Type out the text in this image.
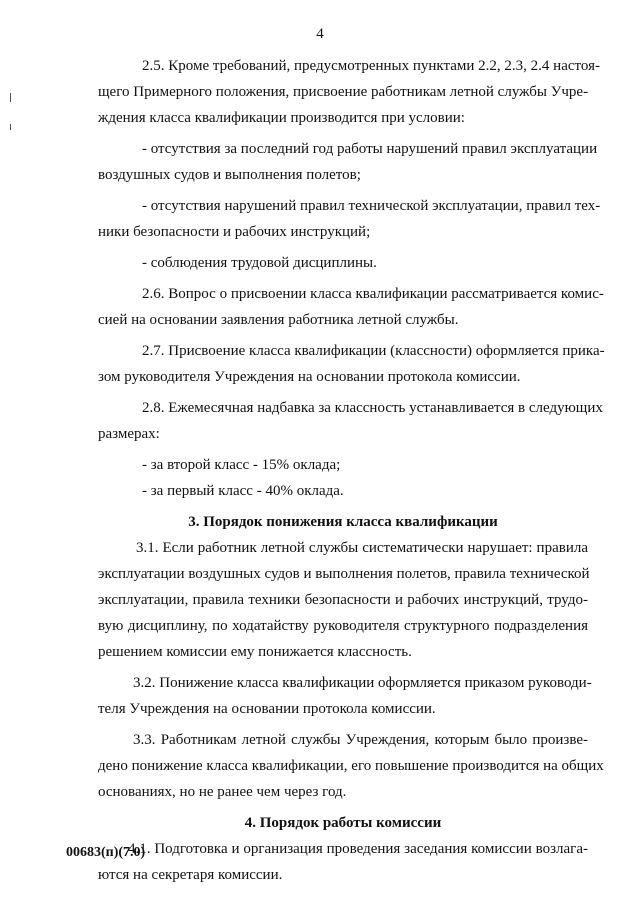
4
2.5. Кроме требований, предусмотренных пунктами 2.2, 2.3, 2.4 настоя-
щего Примерного положения, присвоение работникам летной службы Учре-
ждения класса квалификации производится при условии:
- отсутствия за последний год работы нарушений правил эксплуатации
воздушных судов и выполнения полетов;
- отсутствия нарушений правил технической эксплуатации, правил тех-
ники безопасности и рабочих инструкций;
- соблюдения трудовой дисциплины.
2.6. Вопрос о присвоении класса квалификации рассматривается комис-
сией на основании заявления работника летной службы.
2.7. Присвоение класса квалификации (классности) оформляется прика-
зом руководителя Учреждения на основании протокола комиссии.
2.8. Ежемесячная надбавка за классность устанавливается в следующих
размерах:
- за второй класс - 15% оклада;
- за первый класс - 40% оклада.
3. Порядок понижения класса квалификации
3.1. Если работник летной службы систематически нарушает: правила
эксплуатации воздушных судов и выполнения полетов, правила технической
эксплуатации, правила техники безопасности и рабочих инструкций, трудо-
вую дисциплину, по ходатайству руководителя структурного подразделения
решением комиссии ему понижается классность.
3.2. Понижение класса квалификации оформляется приказом руководи-
теля Учреждения на основании протокола комиссии.
3.3. Работникам летной службы Учреждения, которым было произве-
дено понижение класса квалификации, его повышение производится на общих
основаниях, но не ранее чем через год.
4. Порядок работы комиссии
4.1. Подготовка и организация проведения заседания комиссии возлага-
ются на секретаря комиссии.
00683(п)(7.0)
